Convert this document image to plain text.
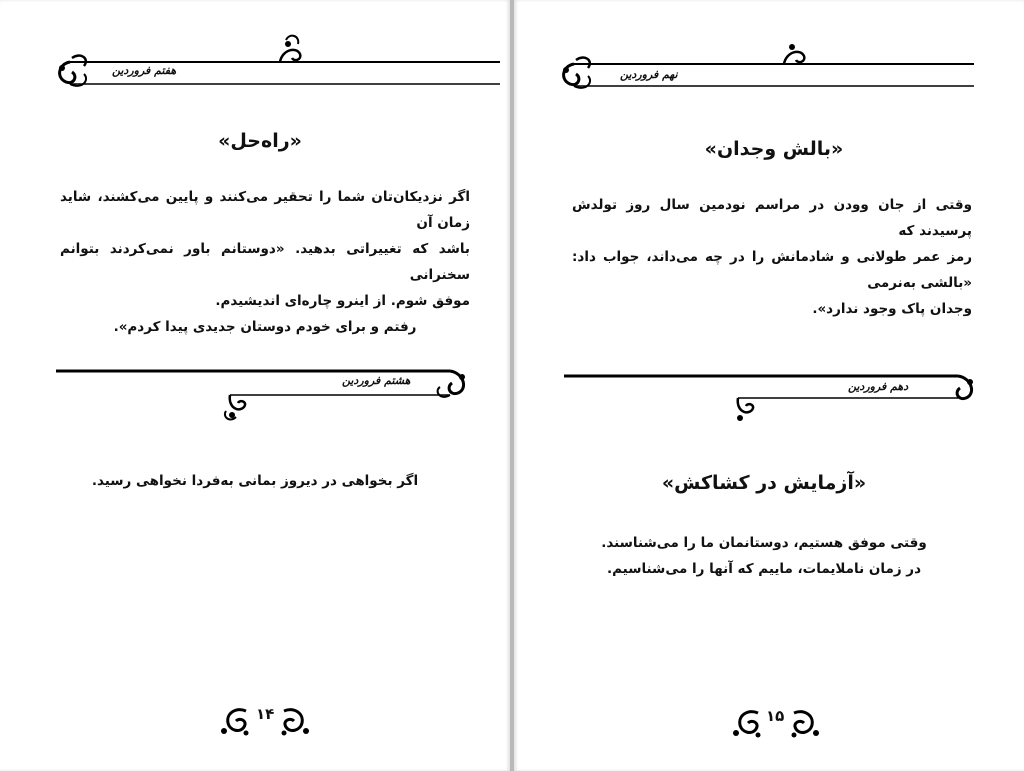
هفتم فروردین
«راه‌حل»

اگر نزدیکان‌تان شما را تحقیر می‌کنند و پایین می‌کشند، شاید زمان آن

باشد که تغییراتی بدهید. «دوستانم باور نمی‌کردند بتوانم سخنرانی

موفق شوم. از اینرو چاره‌ای اندیشیدم.

رفتم و برای خودم دوستان جدیدی پیدا کردم».

هشتم فروردین

اگر بخواهی در دیروز بمانی به‌فردا نخواهی رسید.

۱۴
نهم فروردین
«بالش وجدان»

وقتی از جان وودن در مراسم نودمین سال روز تولدش پرسیدند که

رمز عمر طولانی و شادمانش را در چه می‌داند، جواب داد: «بالشی به‌نرمی

وجدان پاک وجود ندارد».

دهم فروردین
«آزمایش در کشاکش»

وقتی موفق هستیم، دوستانمان ما را می‌شناسند.

در زمان ناملایمات، ماییم که آنها را می‌شناسیم.

۱۵
